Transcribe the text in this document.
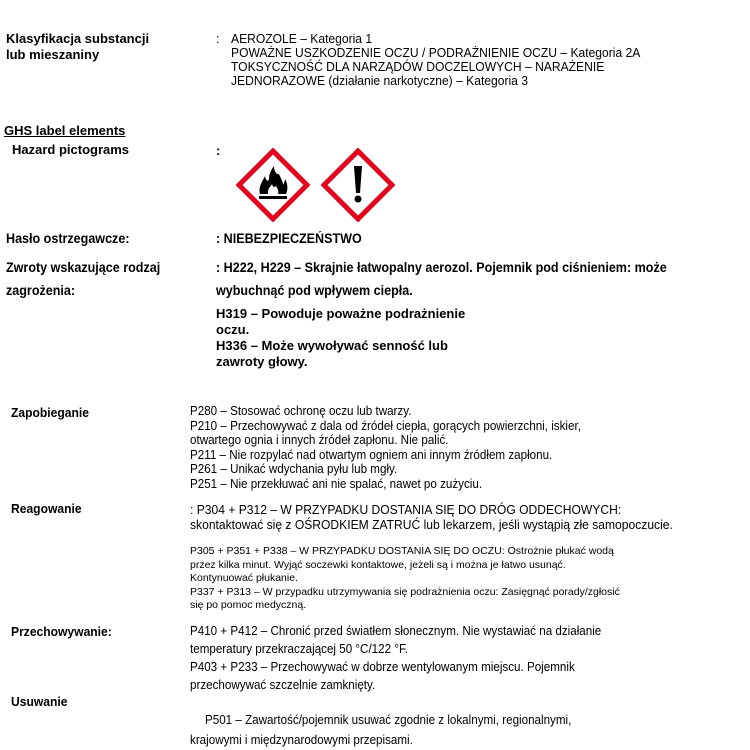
Klasyfikacja substancji
lub mieszaniny
: AEROZOLE – Kategoria 1
POWAŻNE USZKODZENIE OCZU / PODRAŻNIENIE OCZU – Kategoria 2A
TOKSYCZNOŚĆ DLA NARZĄDÓW DOCZELOWYCH – NARAŻENIE
JEDNORAZOWE (działanie narkotyczne) – Kategoria 3
GHS label elements
Hazard pictograms	:
Hasło ostrzegawcze:	: NIEBEZPIECZEŃSTWO
Zwroty wskazujące rodzaj
zagrożenia:
: H222, H229 – Skrajnie łatwopalny aerozol. Pojemnik pod ciśnieniem: może
wybuchnąć pod wpływem ciepła.
H319 – Powoduje poważne podrażnienie
oczu.
H336 – Może wywoływać senność lub
zawroty głowy.
Zapobieganie	P280 – Stosować ochronę oczu lub twarzy.
P210 – Przechowywać z dala od źródeł ciepła, gorących powierzchni, iskier,
otwartego ognia i innych źródeł zapłonu. Nie palić.
P211 – Nie rozpylać nad otwartym ogniem ani innym źródłem zapłonu.
P261 – Unikać wdychania pyłu lub mgły.
P251 – Nie przekłuwać ani nie spalać, nawet po zużyciu.
Reagowanie	: P304 + P312 – W PRZYPADKU DOSTANIA SIĘ DO DRÓG ODDECHOWYCH:
skontaktować się z OŚRODKIEM ZATRUĆ lub lekarzem, jeśli wystąpią złe samopoczucie.
P305 + P351 + P338 – W PRZYPADKU DOSTANIA SIĘ DO OCZU: Ostrożnie płukać wodą
przez kilka minut. Wyjąć soczewki kontaktowe, jeżeli są i można je łatwo usunąć.
Kontynuować płukanie.
P337 + P313 – W przypadku utrzymywania się podrażnienia oczu: Zasięgnąć porady/zgłosić
się po pomoc medyczną.
Przechowywanie:	P410 + P412 – Chronić przed światłem słonecznym. Nie wystawiać na działanie
temperatury przekraczającej 50 °C/122 °F.
P403 + P233 – Przechowywać w dobrze wentylowanym miejscu. Pojemnik
przechowywać szczelnie zamknięty.
Usuwanie
P501 – Zawartość/pojemnik usuwać zgodnie z lokalnymi, regionalnymi,
krajowymi i międzynarodowymi przepisami.
